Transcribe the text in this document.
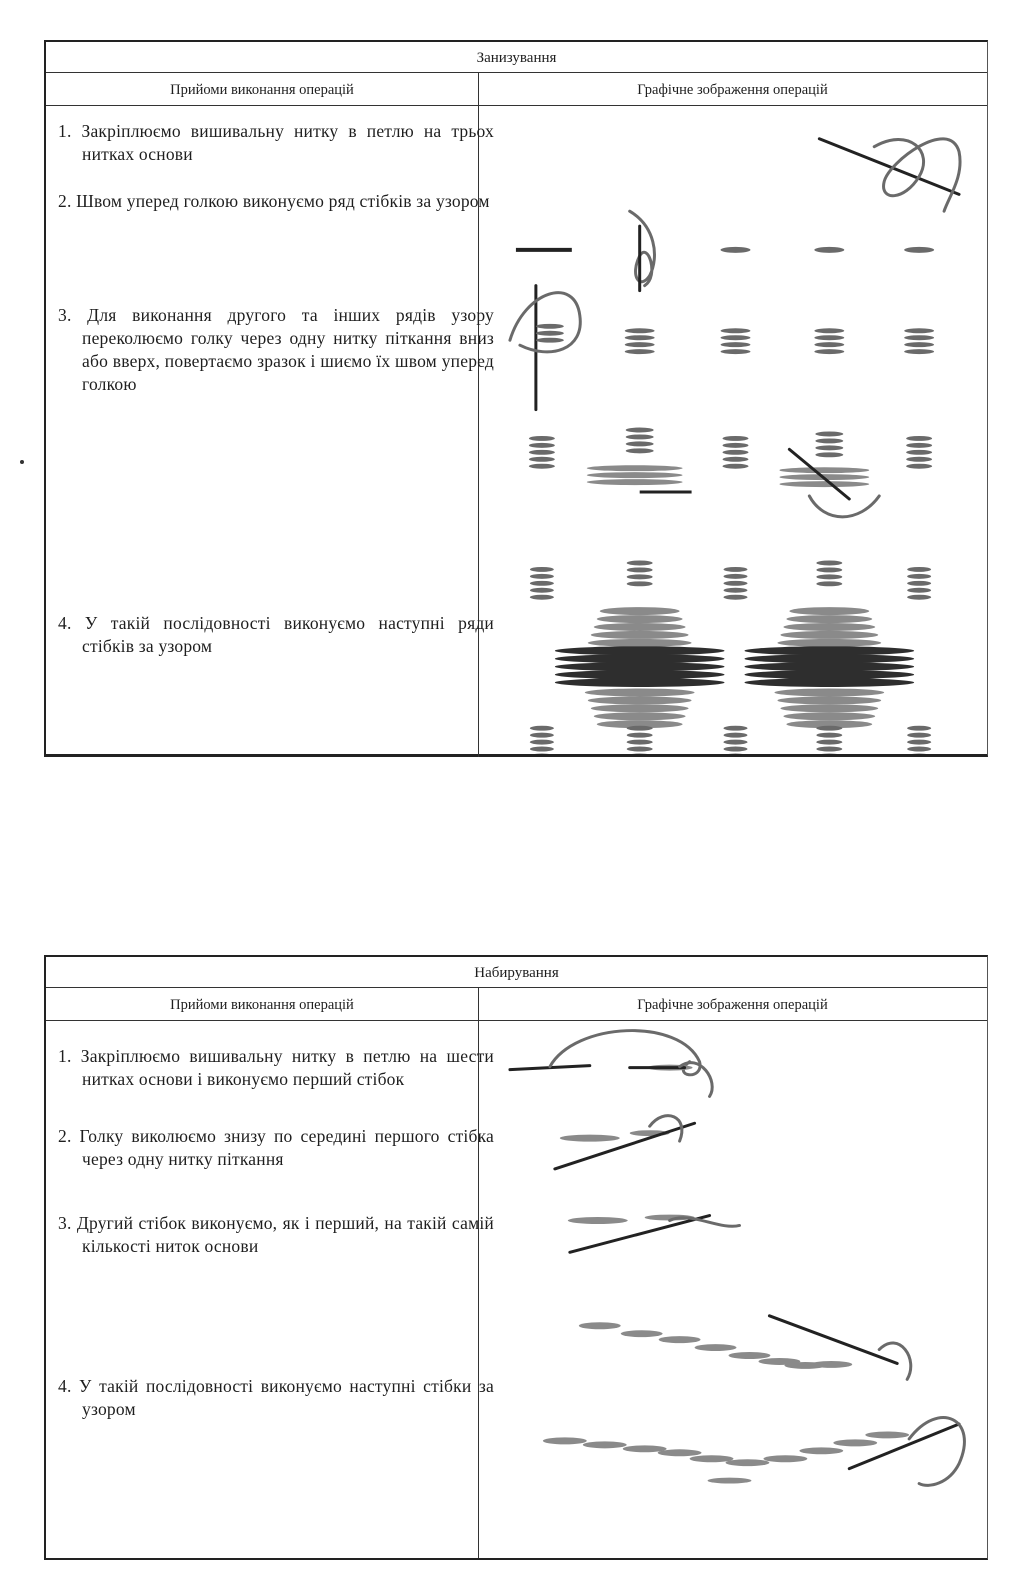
Занизування
Прийоми виконання операцій	Графічне зображення операцій
1. Закріплюємо вишивальну нитку в петлю на трьох нитках основи
2. Швом уперед голкою виконуємо ряд стібків за узором
3. Для виконання другого та інших рядів узору переколюємо голку через одну нитку піткання вниз або вверх, повертаємо зразок і шиємо їх швом уперед голкою
4. У такій послідовності виконуємо наступні ряди стібків за узором
Набирування
Прийоми виконання операцій	Графічне зображення операцій
1. Закріплюємо вишивальну нитку в петлю на шести нитках основи і виконуємо перший стібок
2. Голку виколюємо знизу по середині першого стібка через одну нитку піткання
3. Другий стібок виконуємо, як і перший, на такій самій кількості ниток основи
4. У такій послідовності виконуємо наступні стібки за узором
